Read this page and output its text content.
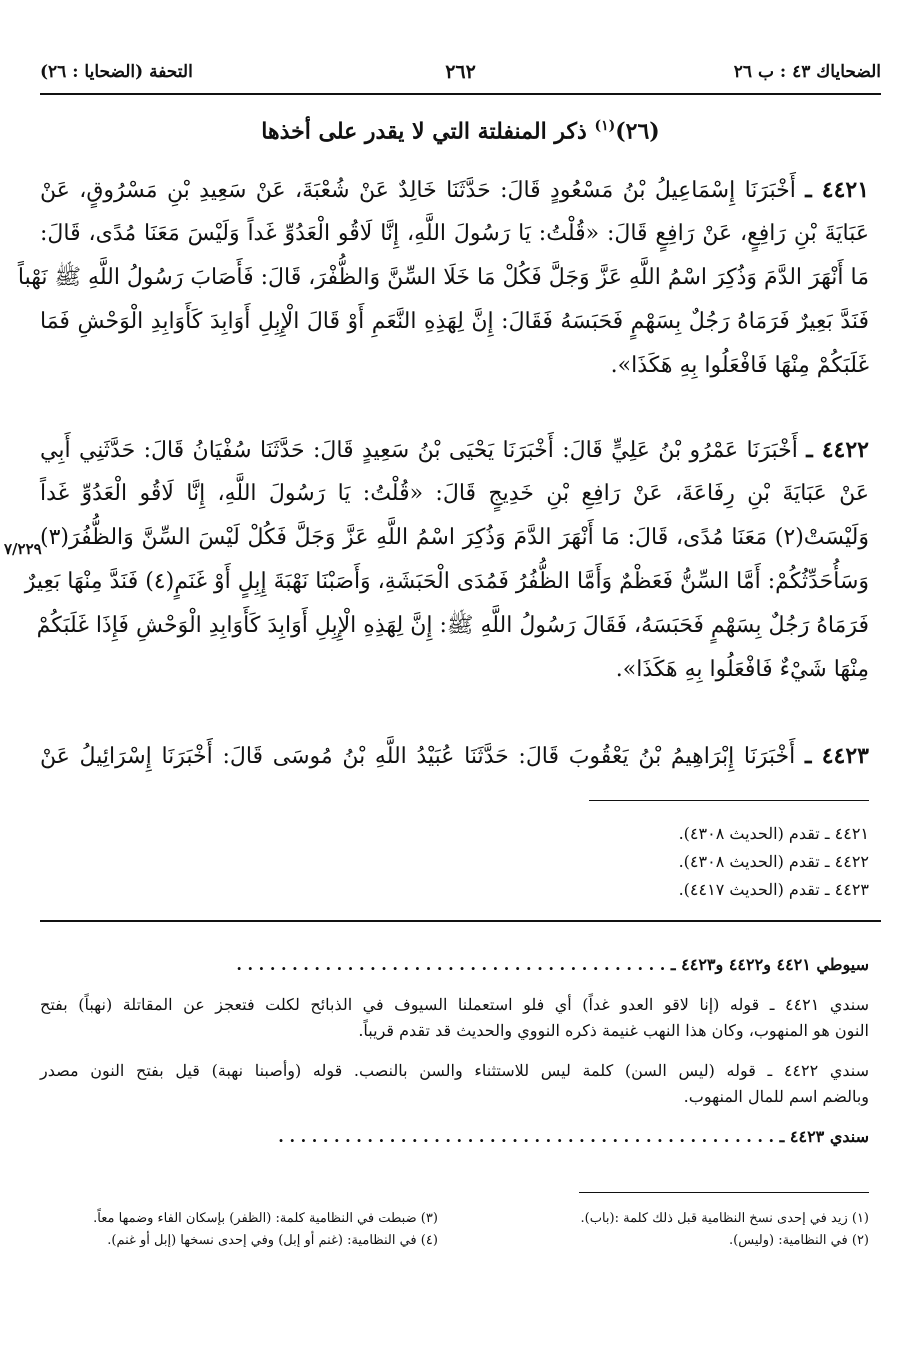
التحفة (الضحايا : ٢٦)	٢٦٢	الضحاياك ٤٣ : ب ٢٦
(٢٦)$^{(١)}$ ذكر المنفلتة التي لا يقدر على أخذها
٤٤٢١ ـ أَخْبَرَنَا إِسْمَاعِيلُ بْنُ مَسْعُودٍ قَالَ: حَدَّثَنَا خَالِدٌ عَنْ شُعْبَةَ، عَنْ سَعِيدِ بْنِ مَسْرُوقٍ، عَنْ
عَبَايَةَ بْنِ رَافِعٍ، عَنْ رَافِعٍ قَالَ: «قُلْتُ: يَا رَسُولَ اللَّهِ، إِنَّا لَاقُو الْعَدُوِّ غَداً وَلَيْسَ مَعَنَا مُدًى، قَالَ:
مَا أَنْهَرَ الدَّمَ وَذُكِرَ اسْمُ اللَّهِ عَزَّ وَجَلَّ فَكُلْ مَا خَلَا السِّنَّ وَالظُّفْرَ، قَالَ: فَأَصَابَ رَسُولُ اللَّهِ ﷺ نَهْباً
فَنَدَّ بَعِيرٌ فَرَمَاهُ رَجُلٌ بِسَهْمٍ فَحَبَسَهُ فَقَالَ: إِنَّ لِهَذِهِ النَّعَمِ أَوْ قَالَ الْإِبِلِ أَوَابِدَ كَأَوَابِدِ الْوَحْشِ فَمَا
غَلَبَكُمْ مِنْهَا فَافْعَلُوا بِهِ هَكَذَا».
٤٤٢٢ ـ أَخْبَرَنَا عَمْرُو بْنُ عَلِيٍّ قَالَ: أَخْبَرَنَا يَحْيَى بْنُ سَعِيدٍ قَالَ: حَدَّثَنَا سُفْيَانُ قَالَ: حَدَّثَنِي أَبِي
عَنْ عَبَايَةَ بْنِ رِفَاعَةَ، عَنْ رَافِعِ بْنِ خَدِيجٍ قَالَ: «قُلْتُ: يَا رَسُولَ اللَّهِ، إِنَّا لَاقُو الْعَدُوِّ غَداً
وَلَيْسَتْ(٢) مَعَنَا مُدًى، قَالَ: مَا أَنْهَرَ الدَّمَ وَذُكِرَ اسْمُ اللَّهِ عَزَّ وَجَلَّ فَكُلْ لَيْسَ السِّنَّ وَالظُّفُرَ(٣)
وَسَأُحَدِّثُكُمْ: أَمَّا السِّنُّ فَعَظْمٌ وَأَمَّا الظُّفُرُ فَمُدَى الْحَبَشَةِ، وَأَصَبْنَا نَهْبَةَ إِبِلٍ أَوْ غَنَمٍ(٤) فَنَدَّ مِنْهَا بَعِيرٌ
فَرَمَاهُ رَجُلٌ بِسَهْمٍ فَحَبَسَهُ، فَقَالَ رَسُولُ اللَّهِ ﷺ: إِنَّ لِهَذِهِ الْإِبِلِ أَوَابِدَ كَأَوَابِدِ الْوَحْشِ فَإِذَا غَلَبَكُمْ
مِنْهَا شَيْءٌ فَافْعَلُوا بِهِ هَكَذَا».
٧/٢٢٩
٤٤٢٣ ـ أَخْبَرَنَا إِبْرَاهِيمُ بْنُ يَعْقُوبَ قَالَ: حَدَّثَنَا عُبَيْدُ اللَّهِ بْنُ مُوسَى قَالَ: أَخْبَرَنَا إِسْرَائِيلُ عَنْ
٤٤٢١ ـ تقدم (الحديث ٤٣٠٨).
٤٤٢٢ ـ تقدم (الحديث ٤٣٠٨).
٤٤٢٣ ـ تقدم (الحديث ٤٤١٧).
سيوطي ٤٤٢١ و٤٤٢٢ و٤٤٢٣ ـ . . . . . . . . . . . . . . . . . . . . . . . . . . . . . . . . . . . . . . .
سندي ٤٤٢١ ـ قوله (إنا لاقو العدو غداً) أي فلو استعملنا السيوف في الذبائح لكلت فتعجز عن المقاتلة (نهباً) بفتح
النون هو المنهوب، وكان هذا النهب غنيمة ذكره النووي والحديث قد تقدم قريباً.
سندي ٤٤٢٢ ـ قوله (ليس السن) كلمة ليس للاستثناء والسن بالنصب. قوله (وأصبنا نهبة) قيل بفتح النون مصدر
وبالضم اسم للمال المنهوب.
سندي ٤٤٢٣ ـ . . . . . . . . . . . . . . . . . . . . . . . . . . . . . . . . . . . . . . . . . . . . .
(١) زيد في إحدى نسخ النظامية قبل ذلك كلمة :(باب).
(٢) في النظامية: (وليس).
(٣) ضبطت في النظامية كلمة: (الظفر) بإسكان الفاء وضمها معاً.
(٤) في النظامية: (غنم أو إبل) وفي إحدى نسخها (إبل أو غنم).
